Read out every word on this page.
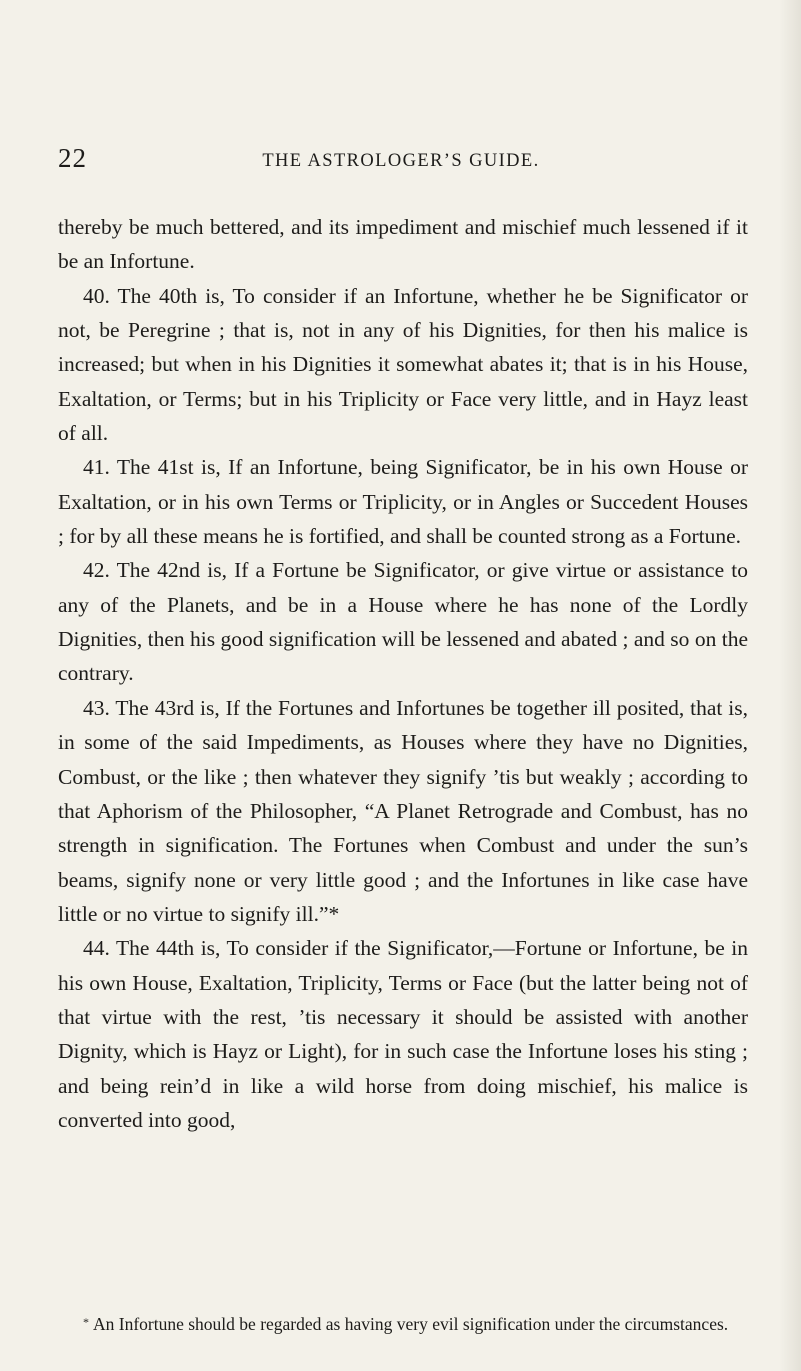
22	THE ASTROLOGER’S GUIDE.

thereby be much bettered, and its impediment and mischief much lessened if it be an Infortune.

40. The 40th is, To consider if an Infortune, whether he be Significator or not, be Peregrine ; that is, not in any of his Dignities, for then his malice is increased; but when in his Dignities it somewhat abates it; that is in his House, Exaltation, or Terms; but in his Triplicity or Face very little, and in Hayz least of all.

41. The 41st is, If an Infortune, being Significator, be in his own House or Exaltation, or in his own Terms or Triplicity, or in Angles or Succedent Houses ; for by all these means he is fortified, and shall be counted strong as a Fortune.

42. The 42nd is, If a Fortune be Significator, or give virtue or assistance to any of the Planets, and be in a House where he has none of the Lordly Dignities, then his good signification will be lessened and abated ; and so on the contrary.

43. The 43rd is, If the Fortunes and Infortunes be together ill posited, that is, in some of the said Impediments, as Houses where they have no Dignities, Combust, or the like ; then whatever they signify ’tis but weakly ; according to that Aphorism of the Philosopher, “A Planet Retrograde and Combust, has no strength in signification. The Fortunes when Combust and under the sun’s beams, signify none or very little good ; and the Infortunes in like case have little or no virtue to signify ill.”*

44. The 44th is, To consider if the Significator,—Fortune or Infortune, be in his own House, Exaltation, Triplicity, Terms or Face (but the latter being not of that virtue with the rest, ’tis necessary it should be assisted with another Dignity, which is Hayz or Light), for in such case the Infortune loses his sting ; and being rein’d in like a wild horse from doing mischief, his malice is converted into good,

* An Infortune should be regarded as having very evil signification under the circumstances.
